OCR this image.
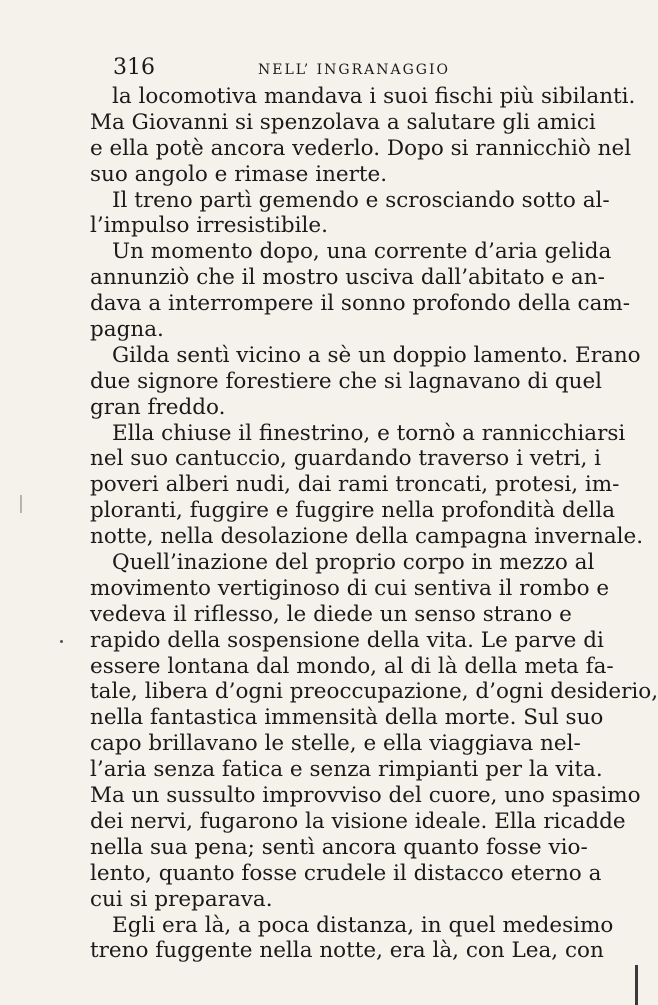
316	NELL’ INGRANAGGIO
la locomotiva mandava i suoi fischi più sibilanti.
Ma Giovanni si spenzolava a salutare gli amici
e ella potè ancora vederlo. Dopo si rannicchiò nel
suo angolo e rimase inerte.
Il treno partì gemendo e scrosciando sotto al-
l’impulso irresistibile.
Un momento dopo, una corrente d’aria gelida
annunziò che il mostro usciva dall’abitato e an-
dava a interrompere il sonno profondo della cam-
pagna.
Gilda sentì vicino a sè un doppio lamento. Erano
due signore forestiere che si lagnavano di quel
gran freddo.
Ella chiuse il finestrino, e tornò a rannicchiarsi
nel suo cantuccio, guardando traverso i vetri, i
poveri alberi nudi, dai rami troncati, protesi, im-
ploranti, fuggire e fuggire nella profondità della
notte, nella desolazione della campagna invernale.
Quell’inazione del proprio corpo in mezzo al
movimento vertiginoso di cui sentiva il rombo e
vedeva il riflesso, le diede un senso strano e
rapido della sospensione della vita. Le parve di
essere lontana dal mondo, al di là della meta fa-
tale, libera d’ogni preoccupazione, d’ogni desiderio,
nella fantastica immensità della morte. Sul suo
capo brillavano le stelle, e ella viaggiava nel-
l’aria senza fatica e senza rimpianti per la vita.
Ma un sussulto improvviso del cuore, uno spasimo
dei nervi, fugarono la visione ideale. Ella ricadde
nella sua pena; sentì ancora quanto fosse vio-
lento, quanto fosse crudele il distacco eterno a
cui si preparava.
Egli era là, a poca distanza, in quel medesimo
treno fuggente nella notte, era là, con Lea, con
